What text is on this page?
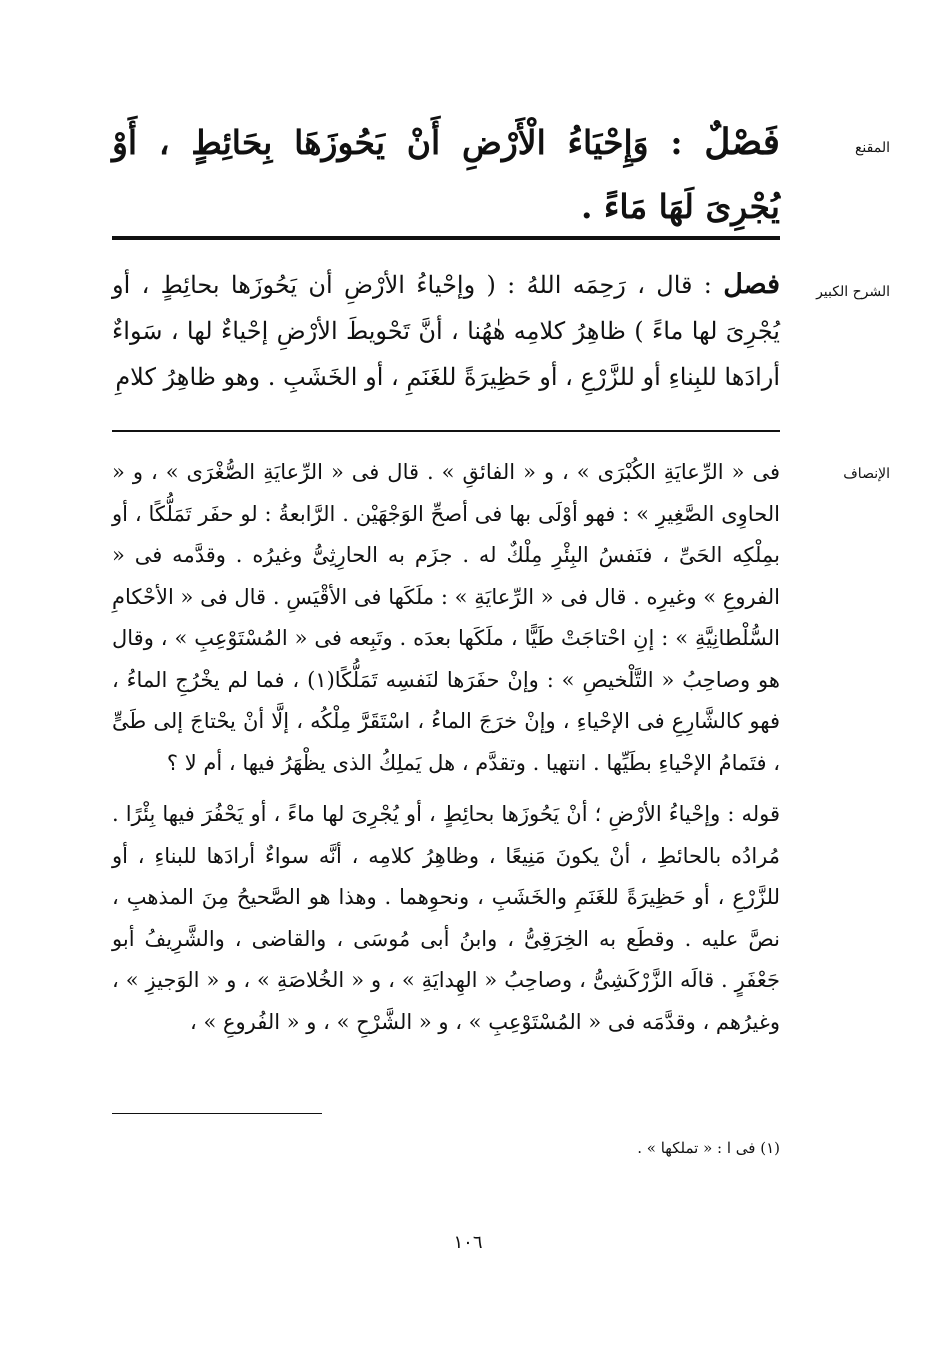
المقنع
فَصْلٌ : وَإِحْيَاءُ الْأَرْضِ أَنْ يَحُوزَهَا بِحَائِطٍ ، أَوْ يُجْرِىَ لَهَا مَاءً .
الشرح الكبير
فصل : قال ، رَحِمَه اللهُ : ( وإحْياءُ الأرْضِ أن يَحُوزَها بحائِطٍ ، أو يُجْرِىَ لها ماءً ) ظاهِرُ كلامِه هٰهُنا ، أنَّ تَحْويطَ الأرْضِ إحْياءٌ لها ، سَواءٌ أرادَها للبِناءِ أو للزَّرْعِ ، أو حَظِيرَةً للغَنَمِ ، أو الخَشَبِ . وهو ظاهِرُ كلامِ
الإنصاف

فى « الرِّعايَةِ الكُبْرَى » ، و « الفائقِ » . قال فى « الرِّعايَةِ الصُّغْرَى » ، و « الحاوِى الصَّغِيرِ » : فهو أوْلَى بها فى أصحِّ الوَجْهَيْن . الرَّابعةُ : لو حفَر تَمَلُّكًا ، أو بمِلْكِه الحَىِّ ، فنَفسُ البِئْرِ مِلْكٌ له . جزَم به الحارِثِىُّ وغيرُه . وقدَّمه فى « الفروعِ » وغيرِه . قال فى « الرِّعايَةِ » : ملَكَها فى الأقْيَسِ . قال فى « الأحْكامِ السُّلْطانِيَّةِ » : إنِ احْتاجَتْ طَيًّا ، ملَكَها بعدَه . وتَبِعه فى « المُسْتَوْعِبِ » ، وقال هو وصاحِبُ « التَّلْخيصِ » : وإنْ حفَرَها لنَفسِه تَمَلُّكًا(١) ، فما لم يخْرُجِ الماءُ ، فهو كالشَّارِعِ فى الإحْياءِ ، وإنْ خرَجَ الماءُ ، اسْتَقَرَّ مِلْكُه ، إلَّا أنْ يحْتاجَ إلى طَىٍّ ، فتَمامُ الإحْياءِ بطَيِّها . انتهيا . وتقدَّم ، هل يَملِكُ الذى يظْهَرُ فيها ، أم لا ؟

قوله : وإحْياءُ الأرْضِ ؛ أنْ يَحُوزَها بحائِطٍ ، أو يُجْرِىَ لها ماءً ، أو يَحْفُرَ فيها بِئْرًا . مُرادُه بالحائطِ ، أنْ يكونَ مَنِيعًا ، وظاهِرُ كلامِه ، أنَّه سواءٌ أرادَها للبناءِ ، أو للزَّرْعِ ، أو حَظِيرَةً للغَنَمِ والخَشَبِ ، ونحوِهما . وهذا هو الصَّحيحُ مِنَ المذهبِ ، نصَّ عليه . وقطَع به الخِرَقِىُّ ، وابنُ أبى مُوسَى ، والقاضى ، والشَّرِيفُ أبو جَعْفَرٍ . قالَه الزَّرْكَشِىُّ ، وصاحِبُ « الهِدايَةِ » ، و « الخُلاصَةِ » ، و « الوَجيزِ » ، وغيرُهم ، وقدَّمَه فى « المُسْتَوْعِبِ » ، و « الشَّرْحِ » ، و « الفُروعِ » ،

(١) فى ا : « تملكها » .
١٠٦
